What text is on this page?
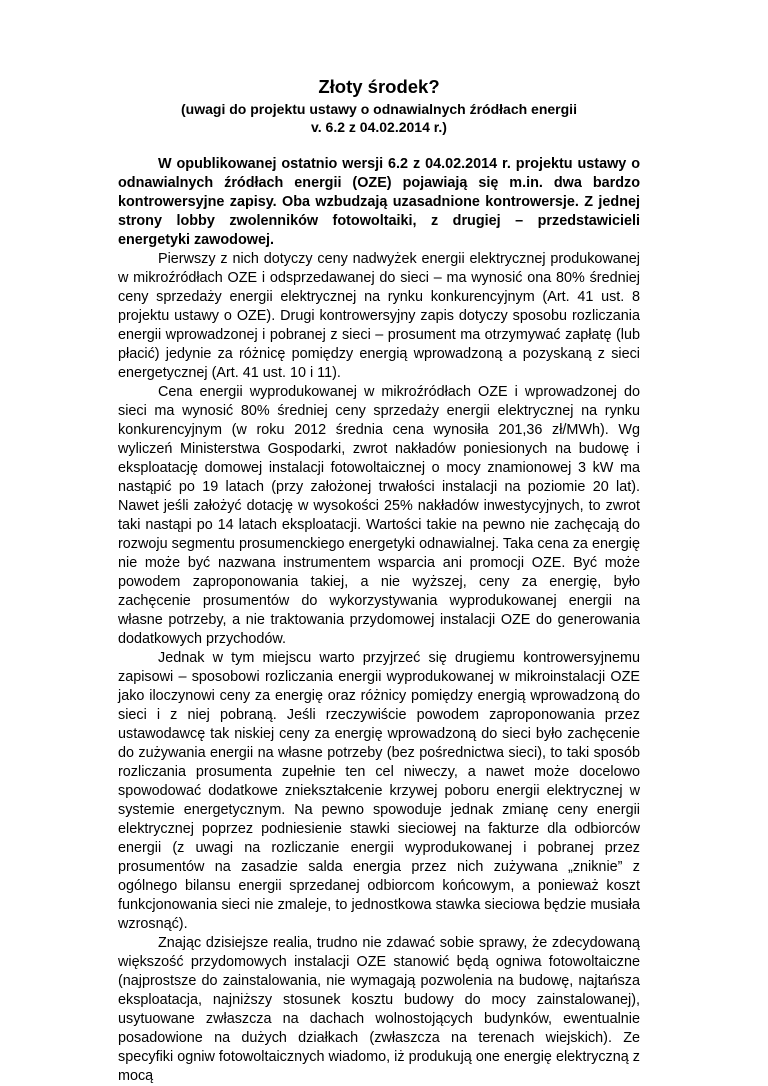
Złoty środek?
(uwagi do projektu ustawy o odnawialnych źródłach energii
v. 6.2 z 04.02.2014 r.)

W opublikowanej ostatnio wersji 6.2 z 04.02.2014 r. projektu ustawy o odnawialnych źródłach energii (OZE) pojawiają się m.in. dwa bardzo kontrowersyjne zapisy. Oba wzbudzają uzasadnione kontrowersje. Z jednej strony lobby zwolenników fotowoltaiki, z drugiej – przedstawicieli energetyki zawodowej.

Pierwszy z nich dotyczy ceny nadwyżek energii elektrycznej produkowanej w mikroźródłach OZE i odsprzedawanej do sieci – ma wynosić ona 80% średniej ceny sprzedaży energii elektrycznej na rynku konkurencyjnym (Art. 41 ust. 8 projektu ustawy o OZE). Drugi kontrowersyjny zapis dotyczy sposobu rozliczania energii wprowadzonej i pobranej z sieci – prosument ma otrzymywać zapłatę (lub płacić) jedynie za różnicę pomiędzy energią wprowadzoną a pozyskaną z sieci energetycznej (Art. 41 ust. 10 i 11).

Cena energii wyprodukowanej w mikroźródłach OZE i wprowadzonej do sieci ma wynosić 80% średniej ceny sprzedaży energii elektrycznej na rynku konkurencyjnym (w roku 2012 średnia cena wynosiła 201,36 zł/MWh). Wg wyliczeń Ministerstwa Gospodarki, zwrot nakładów poniesionych na budowę i eksploatację domowej instalacji fotowoltaicznej o mocy znamionowej 3 kW ma nastąpić po 19 latach (przy założonej trwałości instalacji na poziomie 20 lat). Nawet jeśli założyć dotację w wysokości 25% nakładów inwestycyjnych, to zwrot taki nastąpi po 14 latach eksploatacji. Wartości takie na pewno nie zachęcają do rozwoju segmentu prosumenckiego energetyki odnawialnej. Taka cena za energię nie może być nazwana instrumentem wsparcia ani promocji OZE. Być może powodem zaproponowania takiej, a nie wyższej, ceny za energię, było zachęcenie prosumentów do wykorzystywania wyprodukowanej energii na własne potrzeby, a nie traktowania przydomowej instalacji OZE do generowania dodatkowych przychodów.

Jednak w tym miejscu warto przyjrzeć się drugiemu kontrowersyjnemu zapisowi – sposobowi rozliczania energii wyprodukowanej w mikroinstalacji OZE jako iloczynowi ceny za energię oraz różnicy pomiędzy energią wprowadzoną do sieci i z niej pobraną. Jeśli rzeczywiście powodem zaproponowania przez ustawodawcę tak niskiej ceny za energię wprowadzoną do sieci było zachęcenie do zużywania energii na własne potrzeby (bez pośrednictwa sieci), to taki sposób rozliczania prosumenta zupełnie ten cel niweczy, a nawet może docelowo spowodować dodatkowe zniekształcenie krzywej poboru energii elektrycznej w systemie energetycznym. Na pewno spowoduje jednak zmianę ceny energii elektrycznej poprzez podniesienie stawki sieciowej na fakturze dla odbiorców energii (z uwagi na rozliczanie energii wyprodukowanej i pobranej przez prosumentów na zasadzie salda energia przez nich zużywana „zniknie” z ogólnego bilansu energii sprzedanej odbiorcom końcowym, a ponieważ koszt funkcjonowania sieci nie zmaleje, to jednostkowa stawka sieciowa będzie musiała wzrosnąć).

Znając dzisiejsze realia, trudno nie zdawać sobie sprawy, że zdecydowaną większość przydomowych instalacji OZE stanowić będą ogniwa fotowoltaiczne (najprostsze do zainstalowania, nie wymagają pozwolenia na budowę, najtańsza eksploatacja, najniższy stosunek kosztu budowy do mocy zainstalowanej), usytuowane zwłaszcza na dachach wolnostojących budynków, ewentualnie posadowione na dużych działkach (zwłaszcza na terenach wiejskich). Ze specyfiki ogniw fotowoltaicznych wiadomo, iż produkują one energię elektryczną z mocą
